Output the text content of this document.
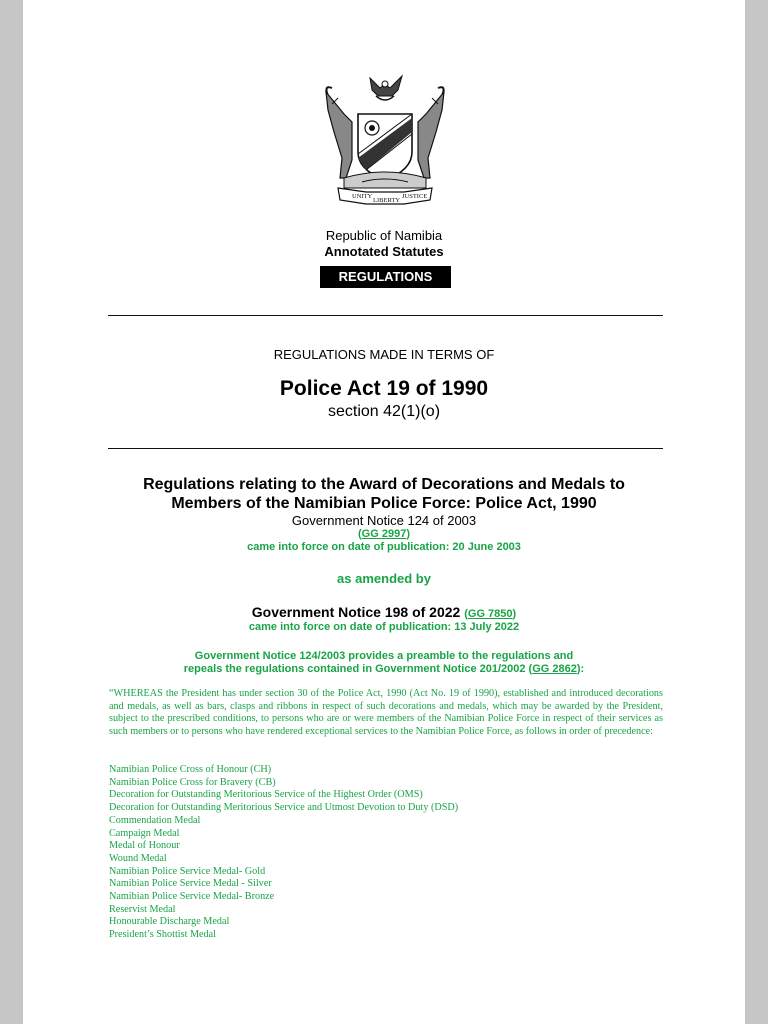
UNITY
LIBERTY
JUSTICE
Republic of Namibia
Annotated Statutes
REGULATIONS
REGULATIONS MADE IN TERMS OF
Police Act 19 of 1990
section 42(1)(o)
Regulations relating to the Award of Decorations and Medals to
Members of the Namibian Police Force: Police Act, 1990
Government Notice 124 of 2003
(GG 2997)
came into force on date of publication: 20 June 2003
as amended by
Government Notice 198 of 2022 (GG 7850)
came into force on date of publication: 13 July 2022
Government Notice 124/2003 provides a preamble to the regulations and
repeals the regulations contained in Government Notice 201/2002 (GG 2862):
“WHEREAS the President has under section 30 of the Police Act, 1990 (Act No. 19 of 1990), established and introduced decorations and medals, as well as bars, clasps and ribbons in respect of such decorations and medals, which may be awarded by the President, subject to the prescribed conditions, to persons who are or were members of the Namibian Police Force in respect of their services as such members or to persons who have rendered exceptional services to the Namibian Police Force, as follows in order of precedence:
Namibian Police Cross of Honour (CH)
Namibian Police Cross for Bravery (CB)
Decoration for Outstanding Meritorious Service of the Highest Order (OMS)
Decoration for Outstanding Meritorious Service and Utmost Devotion to Duty (DSD)
Commendation Medal
Campaign Medal
Medal of Honour
Wound Medal
Namibian Police Service Medal- Gold
Namibian Police Service Medal - Silver
Namibian Police Service Medal- Bronze
Reservist Medal
Honourable Discharge Medal
President’s Shottist Medal
